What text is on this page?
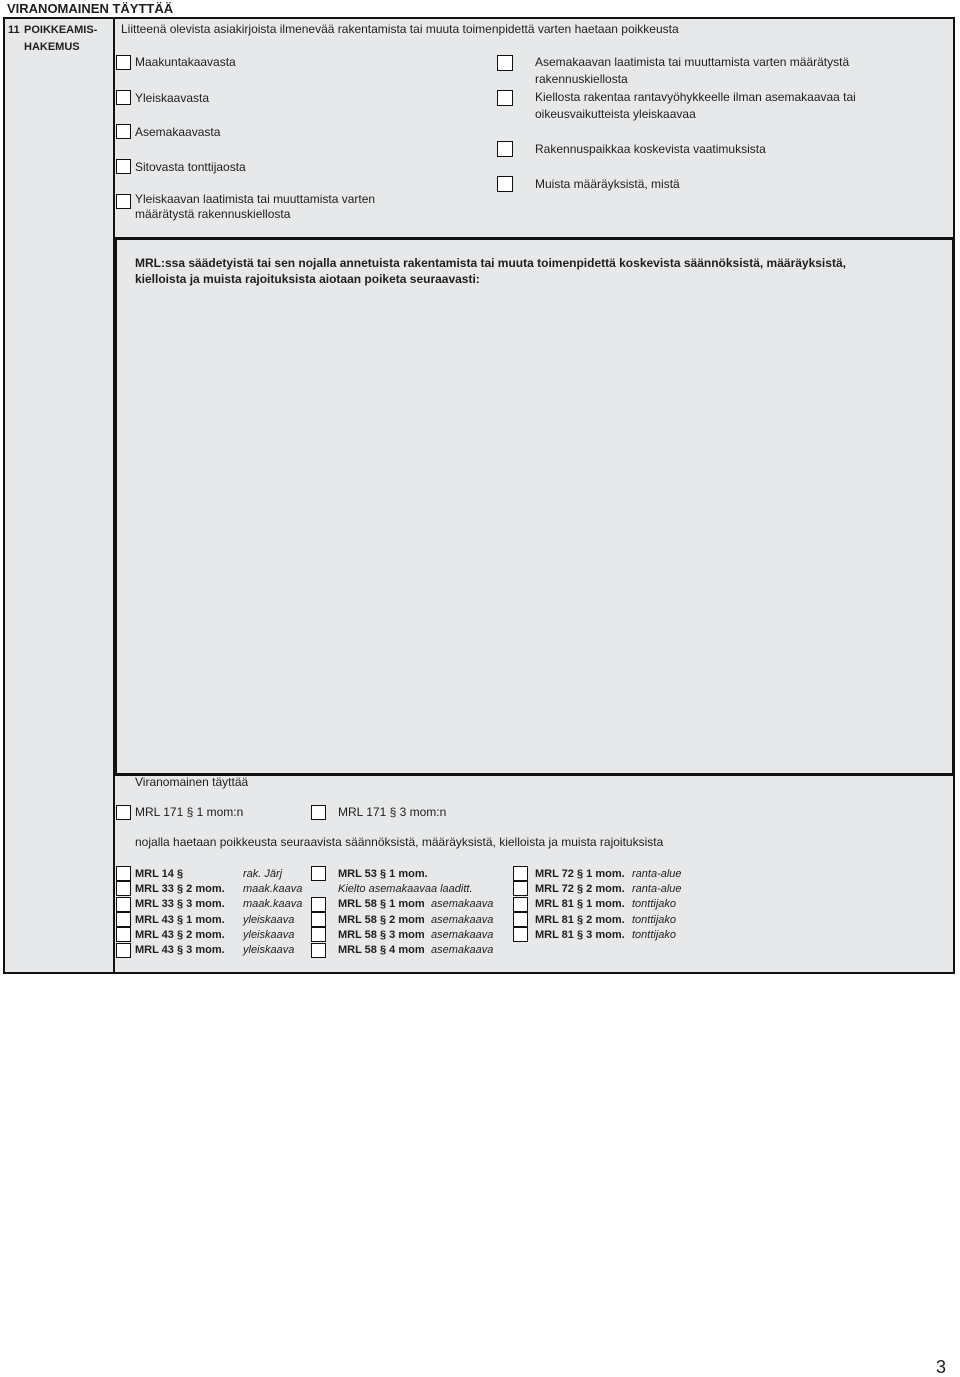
VIRANOMAINEN TÄYTTÄÄ
11 POIKKEAMIS-
HAKEMUS
Liitteenä olevista asiakirjoista ilmenevää rakentamista tai muuta toimenpidettä varten haetaan poikkeusta
Maakuntakaavasta
Yleiskaavasta
Asemakaavasta
Sitovasta tonttijaosta
Yleiskaavan laatimista tai muuttamista varten
määrätystä rakennuskiellosta
Asemakaavan laatimista tai muuttamista varten määrätystä
rakennuskiellosta
Kiellosta rakentaa rantavyöhykkeelle ilman asemakaavaa tai
oikeusvaikutteista yleiskaavaa
Rakennuspaikkaa koskevista vaatimuksista
Muista määräyksistä, mistä
MRL:ssa säädetyistä tai sen nojalla annetuista rakentamista tai muuta toimenpidettä koskevista säännöksistä, määräyksistä,
kielloista ja muista rajoituksista aiotaan poiketa seuraavasti:
Viranomainen täyttää
MRL 171 § 1 mom:n	MRL 171 § 3 mom:n
nojalla haetaan poikkeusta seuraavista säännöksistä, määräyksistä, kielloista ja muista rajoituksista
MRL 14 §	rak. Järj
MRL 33 § 2 mom. maak.kaava
MRL 33 § 3 mom. maak.kaava
MRL 43 § 1 mom. yleiskaava
MRL 43 § 2 mom. yleiskaava
MRL 43 § 3 mom. yleiskaava
MRL 53 § 1 mom.
Kielto asemakaavaa laaditt.
MRL 58 § 1 mom asemakaava
MRL 58 § 2 mom asemakaava
MRL 58 § 3 mom asemakaava
MRL 58 § 4 mom asemakaava
MRL 72 § 1 mom. ranta-alue
MRL 72 § 2 mom. ranta-alue
MRL 81 § 1 mom. tonttijako
MRL 81 § 2 mom. tonttijako
MRL 81 § 3 mom. tonttijako
3
